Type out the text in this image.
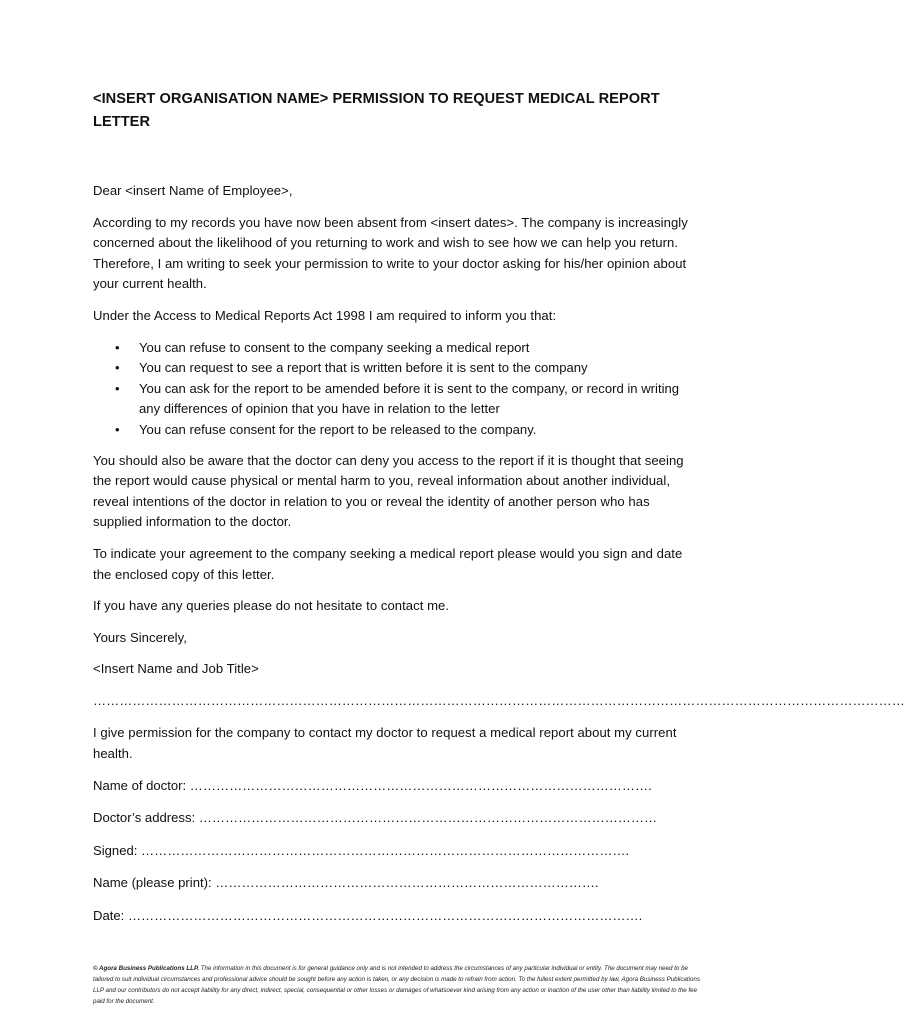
<INSERT ORGANISATION NAME> PERMISSION TO REQUEST MEDICAL REPORT LETTER

Dear <insert Name of Employee>,

According to my records you have now been absent from <insert dates>. The company is increasingly concerned about the likelihood of you returning to work and wish to see how we can help you return. Therefore, I am writing to seek your permission to write to your doctor asking for his/her opinion about your current health.

Under the Access to Medical Reports Act 1998 I am required to inform you that:

• You can refuse to consent to the company seeking a medical report
• You can request to see a report that is written before it is sent to the company
• You can ask for the report to be amended before it is sent to the company, or record in writing any differences of opinion that you have in relation to the letter
• You can refuse consent for the report to be released to the company.

You should also be aware that the doctor can deny you access to the report if it is thought that seeing the report would cause physical or mental harm to you, reveal information about another individual, reveal intentions of the doctor in relation to you or reveal the identity of another person who has supplied information to the doctor.

To indicate your agreement to the company seeking a medical report please would you sign and date the enclosed copy of this letter.

If you have any queries please do not hesitate to contact me.

Yours Sincerely,

<Insert Name and Job Title>

……………………………………………………………………………………………………………………………………………………………………

I give permission for the company to contact my doctor to request a medical report about my current health.

Name of doctor: …………………………………………………………………………………………….
Doctor’s address: ……………………………………………………………………………………………
Signed: ………………………………………………………………………………………………….
Name (please print): …………………………………………………………………………….
Date: ……………………………………………………………………………………………………….
© Agora Business Publications LLP. The information in this document is for general guidance only and is not intended to address the circumstances of any particular individual or entity. The document may need to be tailored to suit individual circumstances and professional advice should be sought before any action is taken, or any decision is made to refrain from action. To the fullest extent permitted by law, Agora Business Publications LLP and our contributors do not accept liability for any direct, indirect, special, consequential or other losses or damages of whatsoever kind arising from any action or inaction of the user other than liability limited to the fee paid for the document.
